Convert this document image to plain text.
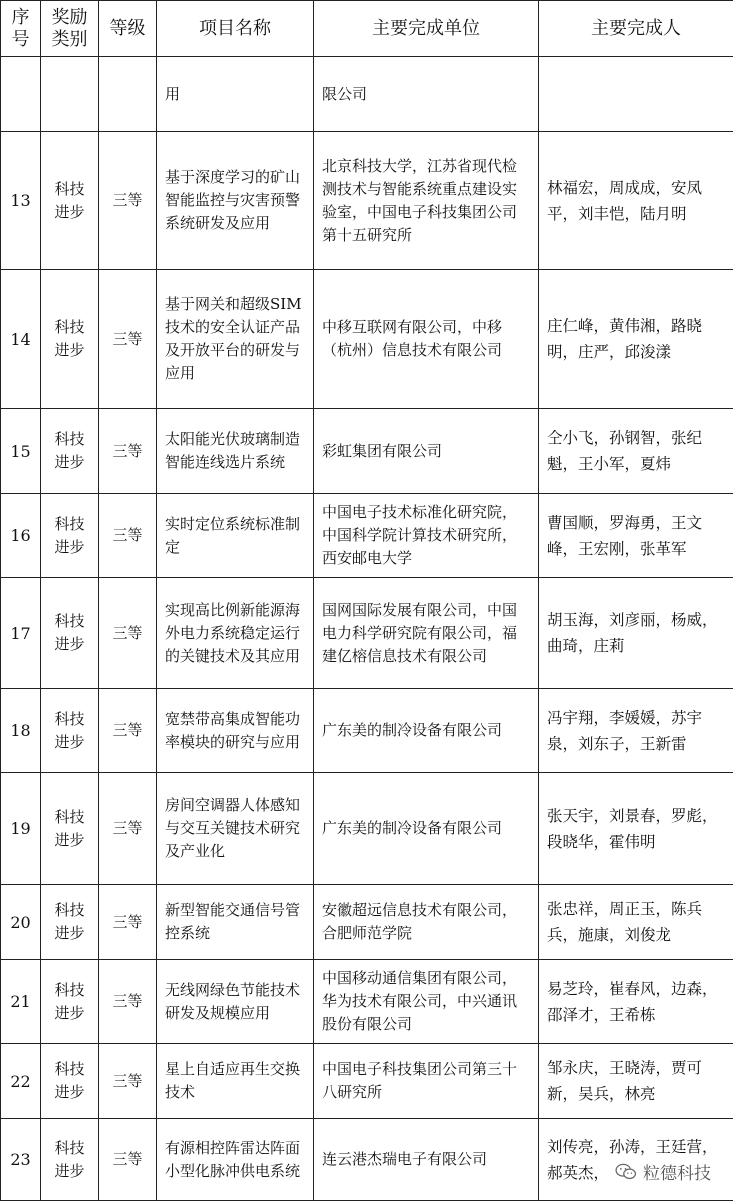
序号	奖励类别	等级	项目名称	主要完成单位	主要完成人
			用	限公司	
13	科技进步	三等	基于深度学习的矿山智能监控与灾害预警系统研发及应用	北京科技大学，江苏省现代检测技术与智能系统重点建设实验室，中国电子科技集团公司第十五研究所	林福宏，周成成，安凤平，刘丰恺，陆月明
14	科技进步	三等	基于网关和超级SIM 技术的安全认证产品及开放平台的研发与应用	中移互联网有限公司，中移（杭州）信息技术有限公司	庄仁峰，黄伟湘，路晓明，庄严，邱浚漾
15	科技进步	三等	太阳能光伏玻璃制造智能连线选片系统	彩虹集团有限公司	仝小飞，孙钢智，张纪魁，王小军，夏炜
16	科技进步	三等	实时定位系统标准制定	中国电子技术标准化研究院，中国科学院计算技术研究所，西安邮电大学	曹国顺，罗海勇，王文峰，王宏刚，张革军
17	科技进步	三等	实现高比例新能源海外电力系统稳定运行的关键技术及其应用	国网国际发展有限公司，中国电力科学研究院有限公司，福建亿榕信息技术有限公司	胡玉海，刘彦丽，杨威，曲琦，庄莉
18	科技进步	三等	宽禁带高集成智能功率模块的研究与应用	广东美的制冷设备有限公司	冯宇翔，李媛媛，苏宇泉，刘东子，王新雷
19	科技进步	三等	房间空调器人体感知与交互关键技术研究及产业化	广东美的制冷设备有限公司	张天宇，刘景春，罗彪，段晓华，霍伟明
20	科技进步	三等	新型智能交通信号管控系统	安徽超远信息技术有限公司，合肥师范学院	张忠祥，周正玉，陈兵兵，施康，刘俊龙
21	科技进步	三等	无线网绿色节能技术研发及规模应用	中国移动通信集团有限公司，华为技术有限公司，中兴通讯股份有限公司	易芝玲，崔春风，边森，邵泽才，王希栋
22	科技进步	三等	星上自适应再生交换技术	中国电子科技集团公司第三十八研究所	邹永庆，王晓涛，贾可新，吴兵，林亮
23	科技进步	三等	有源相控阵雷达阵面小型化脉冲供电系统	连云港杰瑞电子有限公司	刘传亮，孙涛，王廷营，郝英杰， 粒德科技
